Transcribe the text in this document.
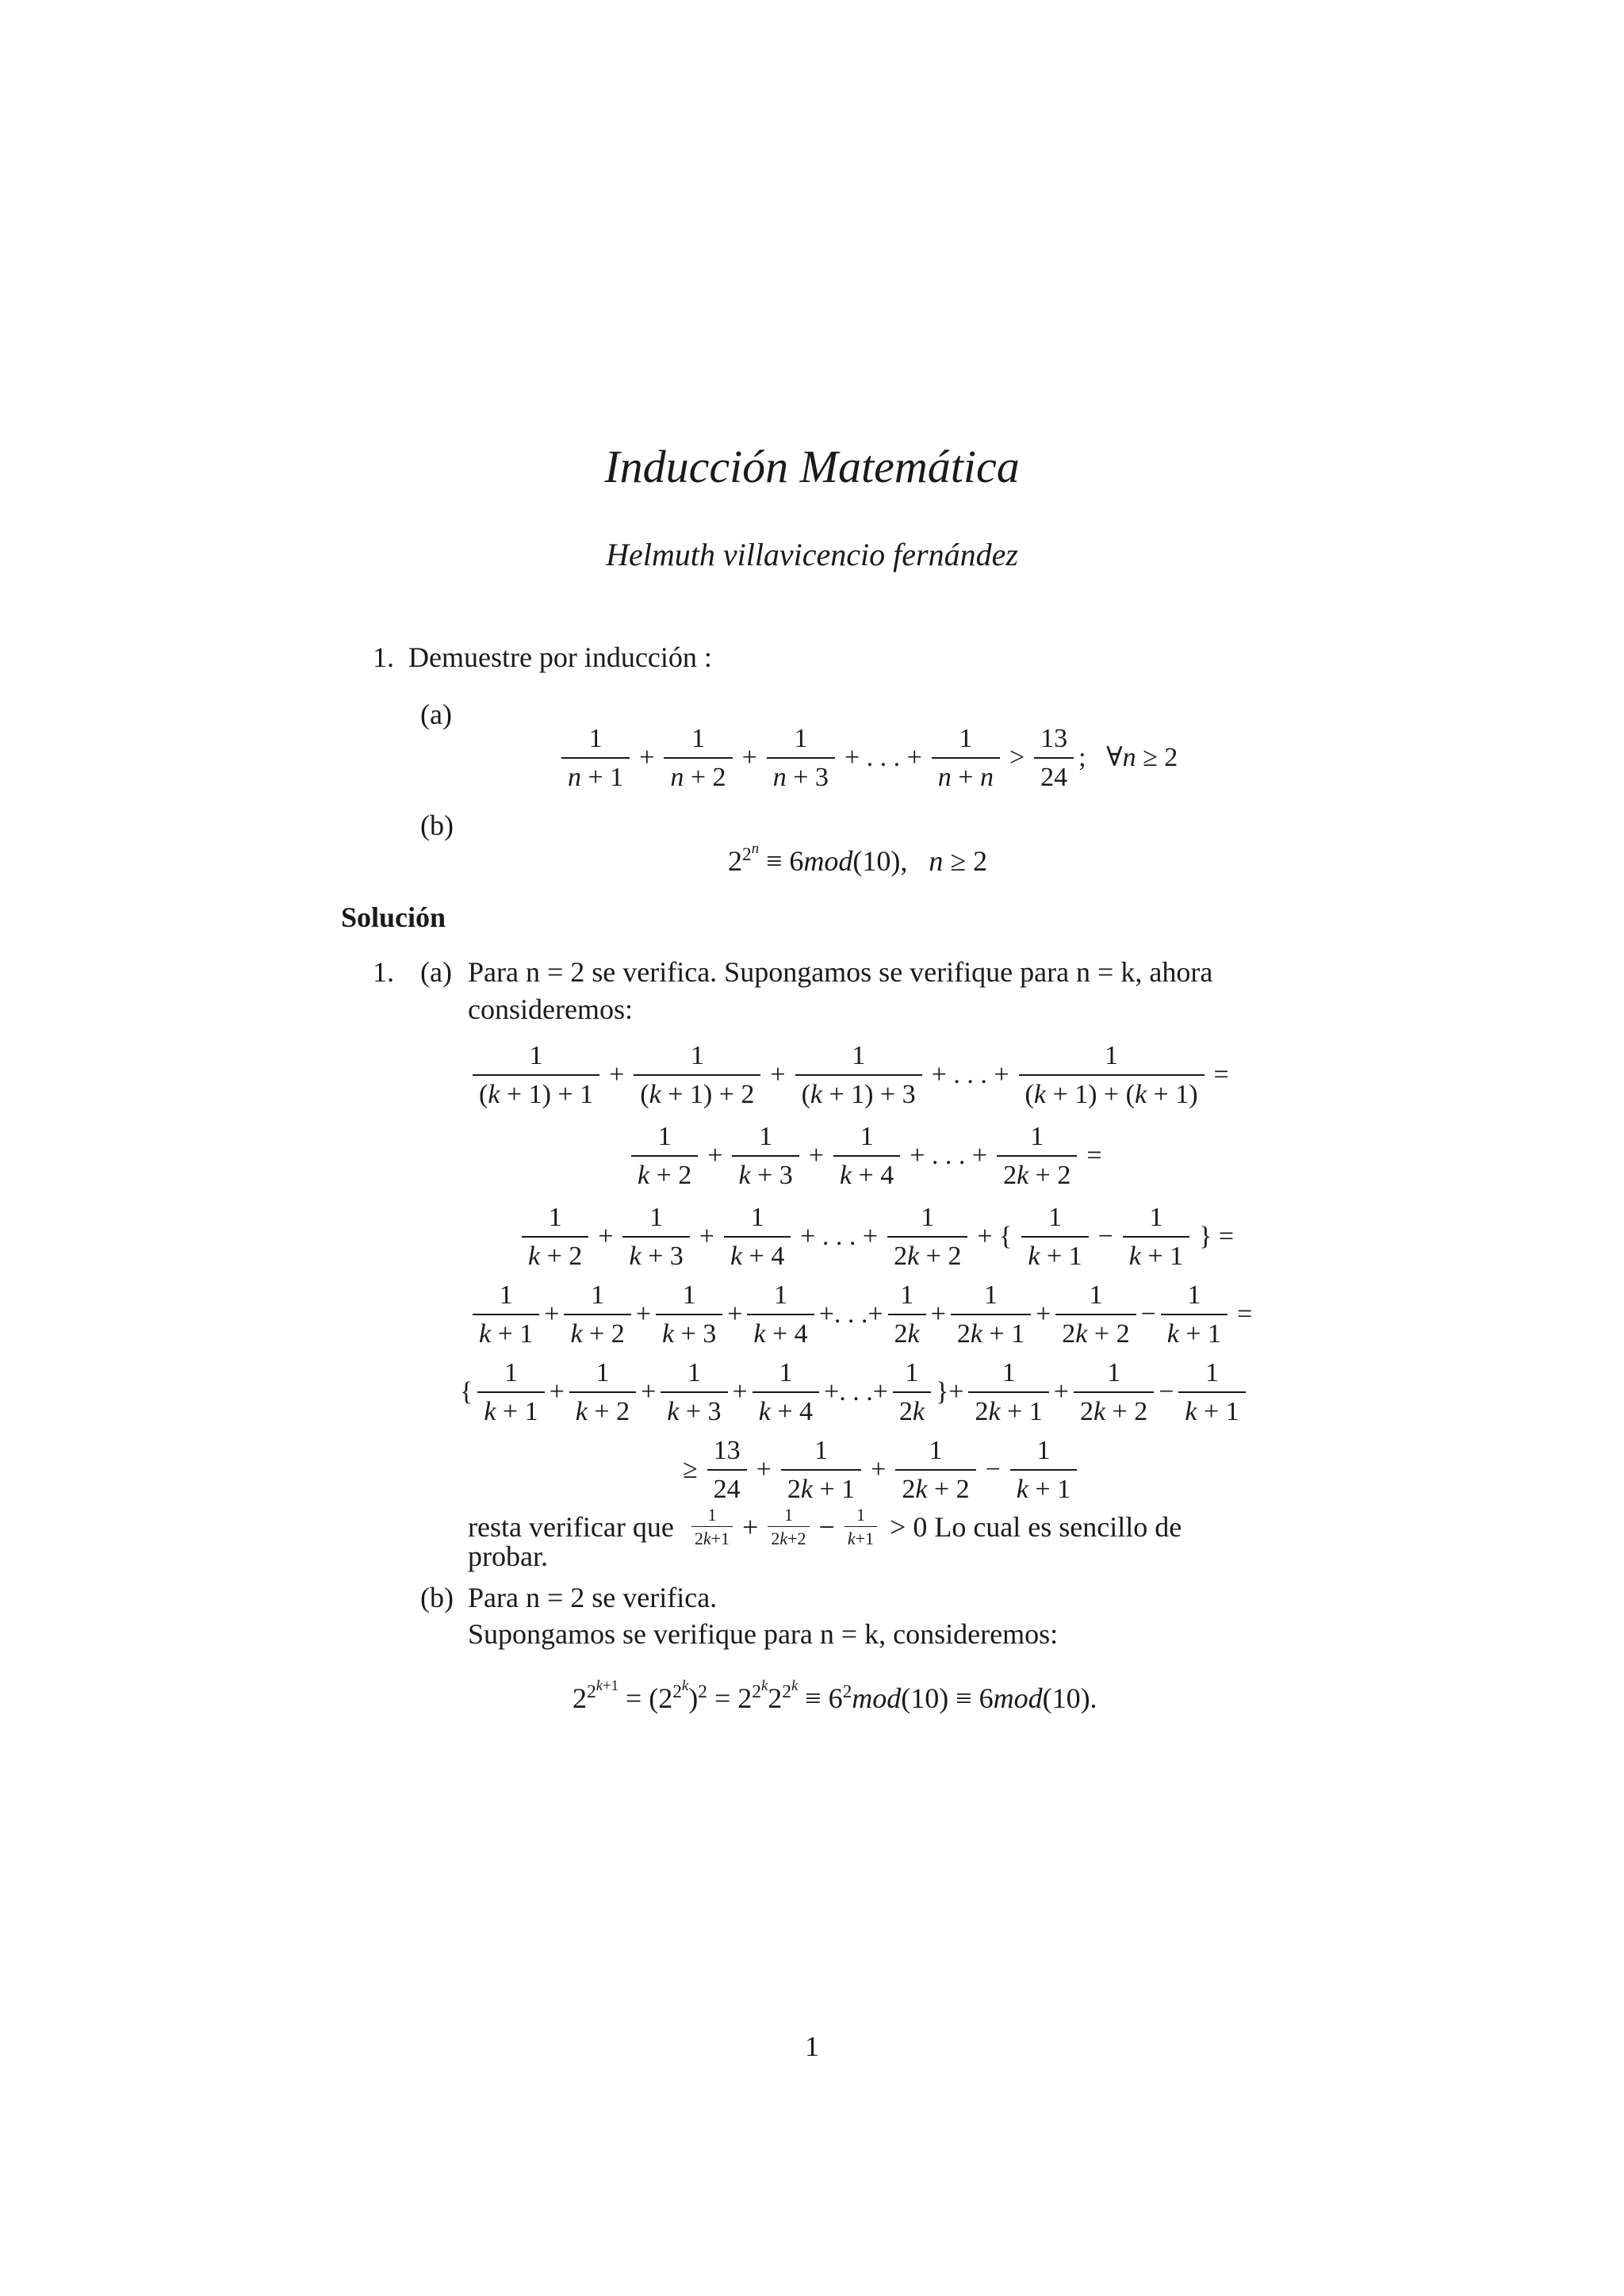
Inducción Matemática
Helmuth villavicencio fernández
1. Demuestre por inducción :
(a)
$\frac{1}{n + 1} + \frac{1}{n + 2} + \frac{1}{n + 3}$ + . . . + $\frac{1}{n + n} > \frac{13}{24}$ ;   ∀n ≥ 2
(b)
$2^{2^n} \equiv 6mod(10)$,   n ≥ 2
Solución
1. (a) Para n = 2 se verifica. Supongamos se verifique para n = k, ahora
consideremos:
$\frac{1}{(k + 1) + 1} + \frac{1}{(k + 1) + 2} + \frac{1}{(k + 1) + 3}$ + . . . + $\frac{1}{(k + 1) + (k + 1)}$ =
$\frac{1}{k + 2} + \frac{1}{k + 3} + \frac{1}{k + 4}$ + . . . + $\frac{1}{2k + 2}$ =
$\frac{1}{k + 2} + \frac{1}{k + 3} + \frac{1}{k + 4}$ + . . . + $\frac{1}{2k + 2}$ + { $\frac{1}{k + 1} - \frac{1}{k + 1}$ } =
$\frac{1}{k + 1} + \frac{1}{k + 2} + \frac{1}{k + 3} + \frac{1}{k + 4}$ +. . .+ $\frac{1}{2k} + \frac{1}{2k + 1} + \frac{1}{2k + 2} - \frac{1}{k + 1}$ =
{ $\frac{1}{k + 1} + \frac{1}{k + 2} + \frac{1}{k + 3} + \frac{1}{k + 4}$ +. . .+ $\frac{1}{2k}$ }+ $\frac{1}{2k + 1} + \frac{1}{2k + 2} - \frac{1}{k + 1}$
≥ $\frac{13}{24} + \frac{1}{2k + 1} + \frac{1}{2k + 2} - \frac{1}{k + 1}$
resta verificar que $\frac{1}{2k+1} + \frac{1}{2k+2} - \frac{1}{k+1} > 0$ Lo cual es sencillo de
probar.
(b) Para n = 2 se verifica.
Supongamos se verifique para n = k, consideremos:
$2^{2^{k+1}} = (2^{2^k})^2 = 2^{2^k}2^{2^k} \equiv 6^2mod(10) \equiv 6mod(10)$.
1
